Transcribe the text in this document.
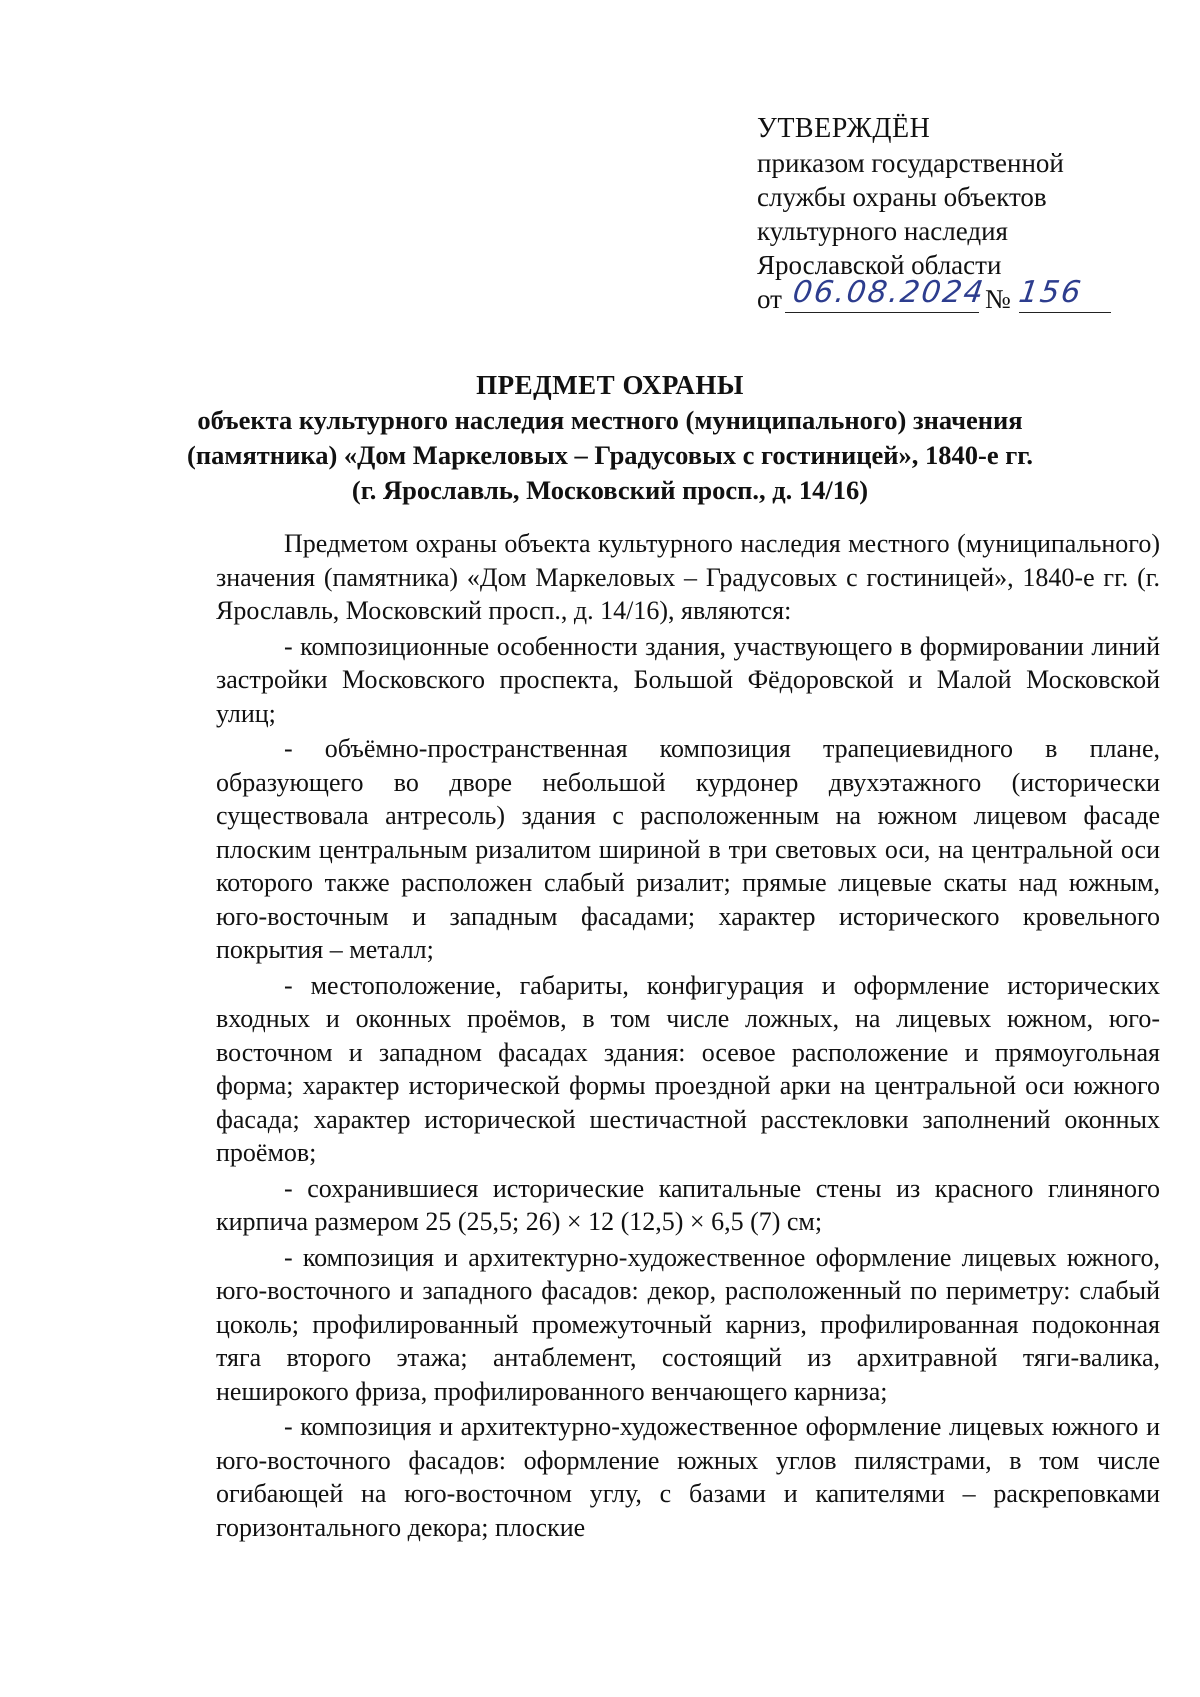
УТВЕРЖДЁН
приказом государственной
службы охраны объектов
культурного наследия
Ярославской области
от 06.08.2024
№ 156
ПРЕДМЕТ ОХРАНЫ
объекта культурного наследия местного (муниципального) значения
(памятника) «Дом Маркеловых – Градусовых с гостиницей», 1840-е гг.
(г. Ярославль, Московский просп., д. 14/16)

Предметом охраны объекта культурного наследия местного (муниципального) значения (памятника) «Дом Маркеловых – Градусовых с гостиницей», 1840-е гг. (г. Ярославль, Московский просп., д. 14/16), являются:

- композиционные особенности здания, участвующего в формировании линий застройки Московского проспекта, Большой Фёдоровской и Малой Московской улиц;

- объёмно-пространственная композиция трапециевидного в плане, образующего во дворе небольшой курдонер двухэтажного (исторически существовала антресоль) здания с расположенным на южном лицевом фасаде плоским центральным ризалитом шириной в три световых оси, на центральной оси которого также расположен слабый ризалит; прямые лицевые скаты над южным, юго-восточным и западным фасадами; характер исторического кровельного покрытия – металл;

- местоположение, габариты, конфигурация и оформление исторических входных и оконных проёмов, в том числе ложных, на лицевых южном, юго-восточном и западном фасадах здания: осевое расположение и прямоугольная форма; характер исторической формы проездной арки на центральной оси южного фасада; характер исторической шестичастной расстекловки заполнений оконных проёмов;

- сохранившиеся исторические капитальные стены из красного глиняного кирпича размером 25 (25,5; 26) × 12 (12,5) × 6,5 (7) см;

- композиция и архитектурно-художественное оформление лицевых южного, юго-восточного и западного фасадов: декор, расположенный по периметру: слабый цоколь; профилированный промежуточный карниз, профилированная подоконная тяга второго этажа; антаблемент, состоящий из архитравной тяги-валика, неширокого фриза, профилированного венчающего карниза;

- композиция и архитектурно-художественное оформление лицевых южного и юго-восточного фасадов: оформление южных углов пилястрами, в том числе огибающей на юго-восточном углу, с базами и капителями – раскреповками горизонтального декора; плоские
